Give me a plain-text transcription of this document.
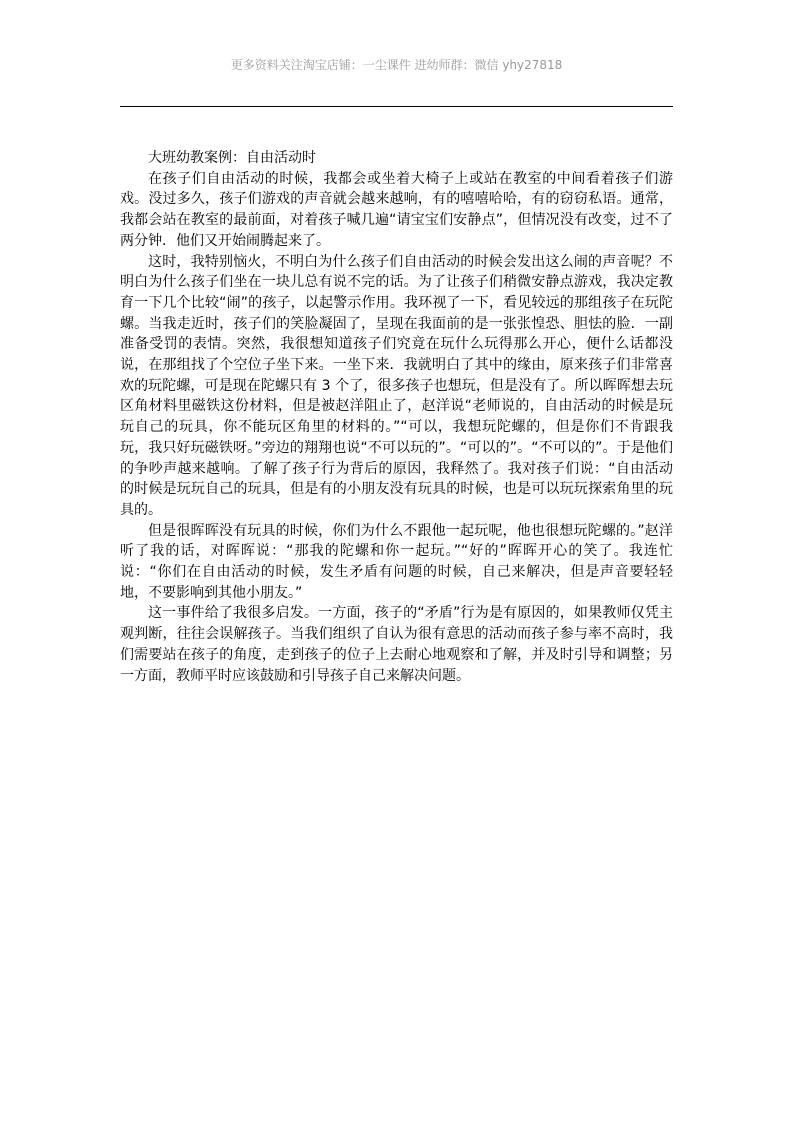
更多资料关注淘宝店铺：一尘课件 进幼师群：微信 yhy27818

大班幼教案例：自由活动时

在孩子们自由活动的时候，我都会或坐着大椅子上或站在教室的中间看着孩子们游戏。没过多久，孩子们游戏的声音就会越来越响，有的嘻嘻哈哈，有的窃窃私语。通常，我都会站在教室的最前面，对着孩子喊几遍“请宝宝们安静点”，但情况没有改变，过不了两分钟．他们又开始闹腾起来了。

这时，我特别恼火，不明白为什么孩子们自由活动的时候会发出这么闹的声音呢？不明白为什么孩子们坐在一块儿总有说不完的话。为了让孩子们稍微安静点游戏，我决定教育一下几个比较“闹”的孩子，以起警示作用。我环视了一下，看见较远的那组孩子在玩陀螺。当我走近时，孩子们的笑脸凝固了，呈现在我面前的是一张张惶恐、胆怯的脸．一副准备受罚的表情。突然，我很想知道孩子们究竟在玩什么玩得那么开心，便什么话都没说，在那组找了个空位子坐下来。一坐下来．我就明白了其中的缘由，原来孩子们非常喜欢的玩陀螺，可是现在陀螺只有 3 个了，很多孩子也想玩，但是没有了。所以晖晖想去玩区角材料里磁铁这份材料，但是被赵洋阻止了，赵洋说“老师说的，自由活动的时候是玩玩自己的玩具，你不能玩区角里的材料的。”“可以，我想玩陀螺的，但是你们不肯跟我玩，我只好玩磁铁呀。”旁边的翔翔也说“不可以玩的”。“可以的”。“不可以的”。于是他们的争吵声越来越响。了解了孩子行为背后的原因，我释然了。我对孩子们说：“自由活动的时候是玩玩自己的玩具，但是有的小朋友没有玩具的时候，也是可以玩玩探索角里的玩具的。

但是很晖晖没有玩具的时候，你们为什么不跟他一起玩呢，他也很想玩陀螺的。”赵洋听了我的话，对晖晖说：“那我的陀螺和你一起玩。”“好的”晖晖开心的笑了。我连忙说：“你们在自由活动的时候，发生矛盾有问题的时候，自己来解决，但是声音要轻轻地，不要影响到其他小朋友。”

这一事件给了我很多启发。一方面，孩子的“矛盾”行为是有原因的，如果教师仅凭主观判断，往往会误解孩子。当我们组织了自认为很有意思的活动而孩子参与率不高时，我们需要站在孩子的角度，走到孩子的位子上去耐心地观察和了解，并及时引导和调整；另一方面，教师平时应该鼓励和引导孩子自己来解决问题。
